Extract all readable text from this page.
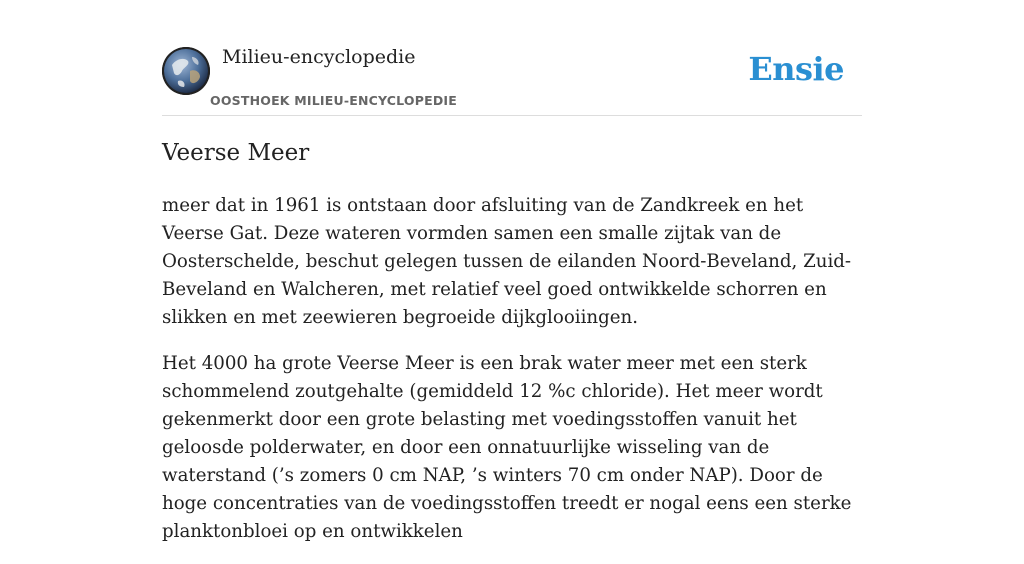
Milieu-encyclopedie
OOSTHOEK MILIEU-ENCYCLOPEDIE
Ensie
Veerse Meer

meer dat in 1961 is ontstaan door afsluiting van de Zandkreek en het Veerse Gat. Deze wateren vormden samen een smalle zijtak van de Oosterschelde, beschut gelegen tussen de eilanden Noord-Beveland, Zuid-Beveland en Walcheren, met relatief veel goed ontwikkelde schorren en slikken en met zeewieren begroeide dijkglooiingen.

Het 4000 ha grote Veerse Meer is een brak water meer met een sterk schommelend zoutgehalte (gemiddeld 12 %c chloride). Het meer wordt gekenmerkt door een grote belasting met voedingsstoffen vanuit het geloosde polderwater, en door een onnatuurlijke wisseling van de waterstand (’s zomers 0 cm NAP, ’s winters 70 cm onder NAP). Door de hoge concentraties van de voedingsstoffen treedt er nogal eens een sterke planktonbloei op en ontwikkelen
